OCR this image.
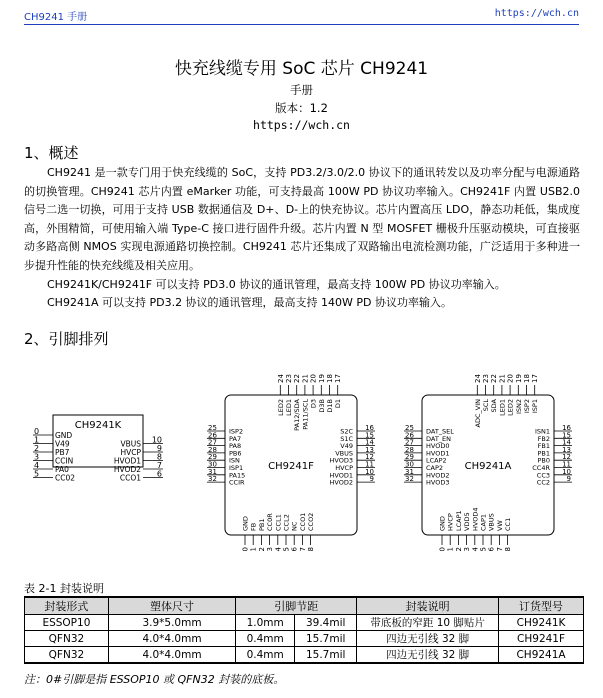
CH9241 手册	https://wch.cn
快充线缆专用 SoC 芯片 CH9241
手册
版本：1.2
https://wch.cn
1、概述

CH9241 是一款专门用于快充线缆的 SoC，支持 PD3.2/3.0/2.0 协议下的通讯转发以及功率分配与电源通路的切换管理。CH9241 芯片内置 eMarker 功能，可支持最高 100W PD 协议功率输入。CH9241F 内置 USB2.0 信号二选一切换，可用于支持 USB 数据通信及 D+、D-上的快充协议。芯片内置高压 LDO，静态功耗低，集成度高，外围精简，可使用输入端 Type-C 接口进行固件升级。芯片内置 N 型 MOSFET 栅极升压驱动模块，可直接驱动多路高侧 NMOS 实现电源通路切换控制。CH9241 芯片还集成了双路输出电流检测功能，广泛适用于多种进一步提升性能的快充线缆及相关应用。

CH9241K/CH9241F 可以支持 PD3.0 协议的通讯管理，最高支持 100W PD 协议功率输入。

CH9241A 可以支持 PD3.2 协议的通讯管理，最高支持 140W PD 协议功率输入。

2、引脚排列
CH9241K
0 GND
1 V49
2 PB7
3 CCIN
4 PA0
5 CC02
10
VBUS 9
HVCP 8
HVOD1 7
HVOD2 6
CCO1
CH9241F
24
LED2
23
LED1
22
PA12/SDA
21
PA11/SCL
20
D3
19
D3B
18
D1B
17
D1
25 ISP2
26 PA7
27 PA8
28 PB6
29 ISN
30 ISP1
31 PA15
32 CCIR
16
S2C 15
S1C 14
V49 13
VBUS 12
HVOD3 11
HVCP 10
HVOD1 9
HVOD2
0
GND
1
FB
2
PB1
3
CC0R
4
CCL1
5
CCL2
6
NC
7
CCO1
8
CCO2
CH9241A
24
ADC_VIN
23
SCL
22
SDA
21
LED1
20
LED2
19
ISN2
18
ISP2
17
ISP1
25 DAT_SEL
26 DAT_EN
27 HVOD0
28 HVOD1
29 LCAP2
30 CAP2
31 HVOD2
32 HVOD3
16
ISN1 15
FB2 14
FB1 13
PB1 12
PB0 11
CC4R 10
CC3 9
CC2
0
GND
1
HVCP
2
LCAP1
3
VDD5
4
HVOD4
5
CAP1
6
VBUS
7
VW
8
CC1
表 2-1 封装说明
封装形式	塑体尺寸	引脚节距		封装说明	订货型号
ESSOP10	3.9*5.0mm	1.0mm	39.4mil	带底板的窄距 10 脚贴片	CH9241K
QFN32	4.0*4.0mm	0.4mm	15.7mil	四边无引线 32 脚	CH9241F
QFN32	4.0*4.0mm	0.4mm	15.7mil	四边无引线 32 脚	CH9241A
注：0#引脚是指 ESSOP10 或 QFN32 封装的底板。
